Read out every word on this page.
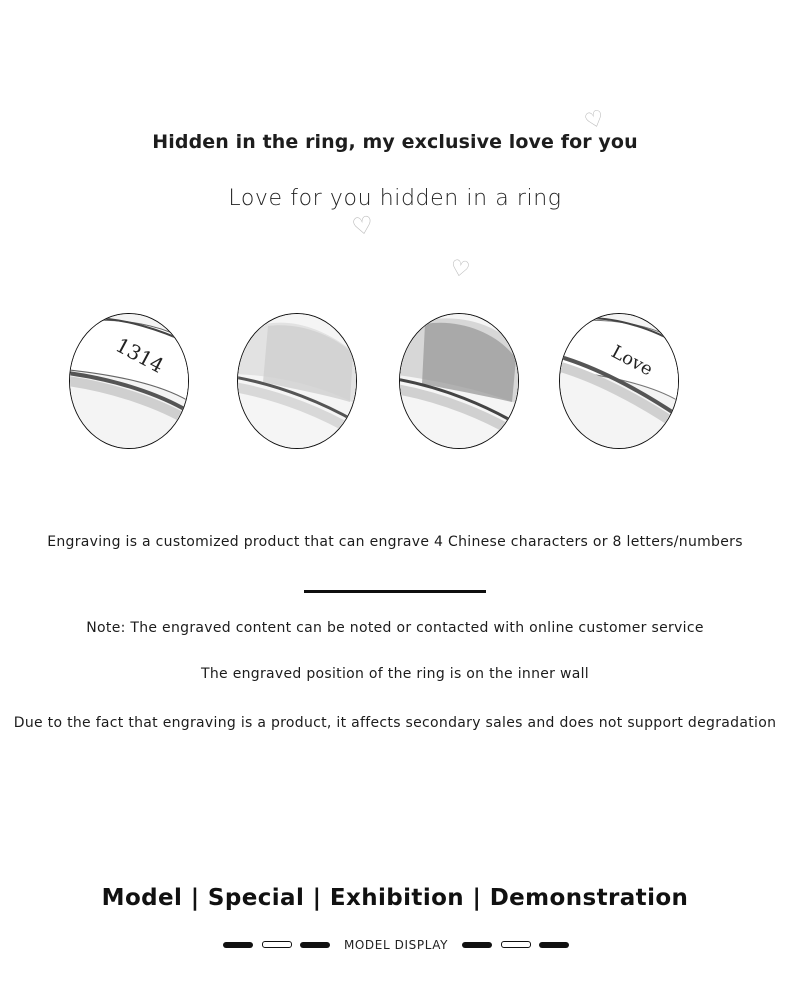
Hidden in the ring, my exclusive love for you
Love for you hidden in a ring
♡
♡
♡
1314	Love
Engraving is a customized product that can engrave 4 Chinese characters or 8 letters/numbers
Note: The engraved content can be noted or contacted with online customer service
The engraved position of the ring is on the inner wall
Due to the fact that engraving is a product, it affects secondary sales and does not support degradation
Model | Special | Exhibition | Demonstration
MODEL DISPLAY
